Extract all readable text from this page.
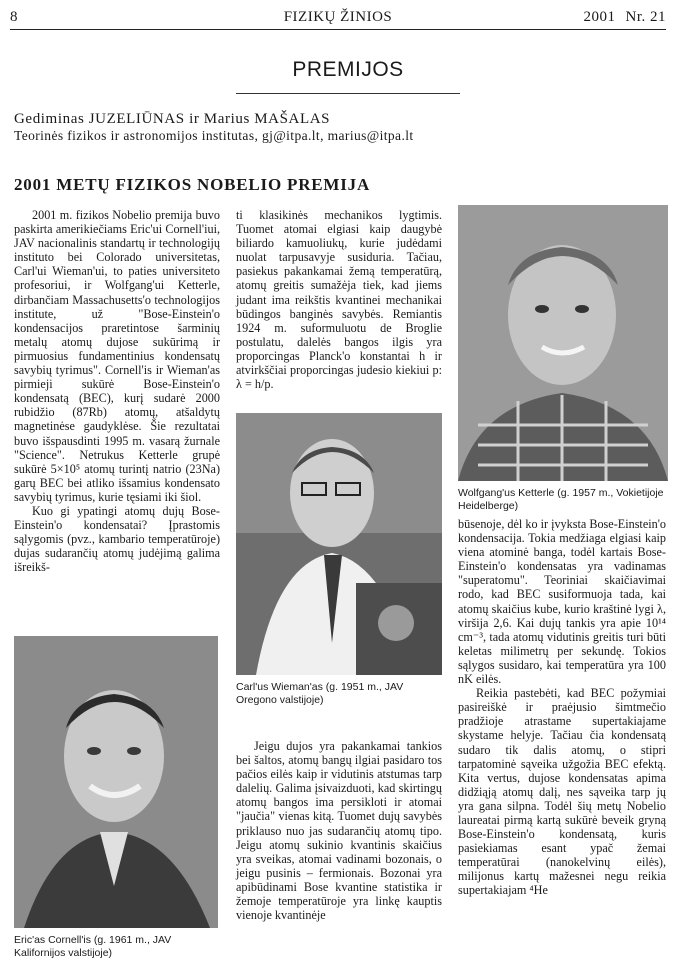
8	FIZIKŲ ŽINIOS	2001 Nr. 21
PREMIJOS
Gediminas JUZELIŪNAS ir Marius MAŠALAS
Teorinės fizikos ir astronomijos institutas, gj@itpa.lt, marius@itpa.lt
2001 METŲ FIZIKOS NOBELIO PREMIJA

2001 m. fizikos Nobelio premija buvo paskirta amerikiečiams Eric'ui Cornell'iui, JAV nacionalinis standartų ir technologijų instituto bei Colorado universitetas, Carl'ui Wieman'ui, to paties universiteto profesoriui, ir Wolfgang'ui Ketterle, dirbančiam Massachusetts'o technologijos institute, už "Bose-Einstein'o kondensacijos praretintose šarminių metalų atomų dujose sukūrimą ir pirmuosius fundamentinius kondensatų savybių tyrimus". Cornell'is ir Wieman'as pirmieji sukūrė Bose-Einstein'o kondensatą (BEC), kurį sudarė 2000 rubidžio (87Rb) atomų, atšaldytų magnetinėse gaudyklėse. Šie rezultatai buvo išspausdinti 1995 m. vasarą žurnale "Science". Netrukus Ketterle grupė sukūrė 5×10⁵ atomų turintį natrio (23Na) garų BEC bei atliko išsamius kondensato savybių tyrimus, kurie tęsiami iki šiol.

Kuo gi ypatingi atomų dujų Bose-Einstein'o kondensatai? Įprastomis sąlygomis (pvz., kambario temperatūroje) dujas sudarančių atomų judėjimą galima išreikš-

ti klasikinės mechanikos lygtimis. Tuomet atomai elgiasi kaip daugybė biliardo kamuoliukų, kurie judėdami nuolat tarpusavyje susiduria. Tačiau, pasiekus pakankamai žemą temperatūrą, atomų greitis sumažėja tiek, kad jiems judant ima reikštis kvantinei mechanikai būdingos banginės savybės. Remiantis 1924 m. suformuluotu de Broglie postulatu, dalelės bangos ilgis yra proporcingas Planck'o konstantai h ir atvirkščiai proporcingas judesio kiekiui p: λ = h/p.

Jeigu dujos yra pakankamai tankios bei šaltos, atomų bangų ilgiai pasidaro tos pačios eilės kaip ir vidutinis atstumas tarp dalelių. Galima įsivaizduoti, kad skirtingų atomų bangos ima persikloti ir atomai "jaučia" vienas kitą. Tuomet dujų savybės priklauso nuo jas sudarančių atomų tipo. Jeigu atomų sukinio kvantinis skaičius yra sveikas, atomai vadinami bozonais, o jeigu pusinis – fermionais. Bozonai yra apibūdinami Bose kvantine statistika ir žemoje temperatūroje yra linkę kauptis vienoje kvantinėje

būsenoje, dėl ko ir įvyksta Bose-Einstein'o kondensacija. Tokia medžiaga elgiasi kaip viena atominė banga, todėl kartais Bose-Einstein'o kondensatas yra vadinamas "superatomu". Teoriniai skaičiavimai rodo, kad BEC susiformuoja tada, kai atomų skaičius kube, kurio kraštinė lygi λ, viršija 2,6. Kai dujų tankis yra apie 10¹⁴ cm⁻³, tada atomų vidutinis greitis turi būti keletas milimetrų per sekundę. Tokios sąlygos susidaro, kai temperatūra yra 100 nK eilės.

Reikia pastebėti, kad BEC požymiai pasireiškė ir praėjusio šimtmečio pradžioje atrastame supertakiajame skystame helyje. Tačiau čia kondensatą sudaro tik dalis atomų, o stipri tarpatominė sąveika užgožia BEC efektą. Kita vertus, dujose kondensatas apima didžiąją atomų dalį, nes sąveika tarp jų yra gana silpna. Todėl šių metų Nobelio laureatai pirmą kartą sukūrė beveik gryną Bose-Einstein'o kondensatą, kuris pasiekiamas esant ypač žemai temperatūrai (nanokelvinų eilės), milijonus kartų mažesnei negu reikia supertakiajam ⁴He

Eric'as Cornell'is (g. 1961 m., JAV Kalifornijos valstijoje)
Carl'us Wieman'as (g. 1951 m., JAV Oregono valstijoje)
Wolfgang'us Ketterle (g. 1957 m., Vokietijoje Heidelberge)
